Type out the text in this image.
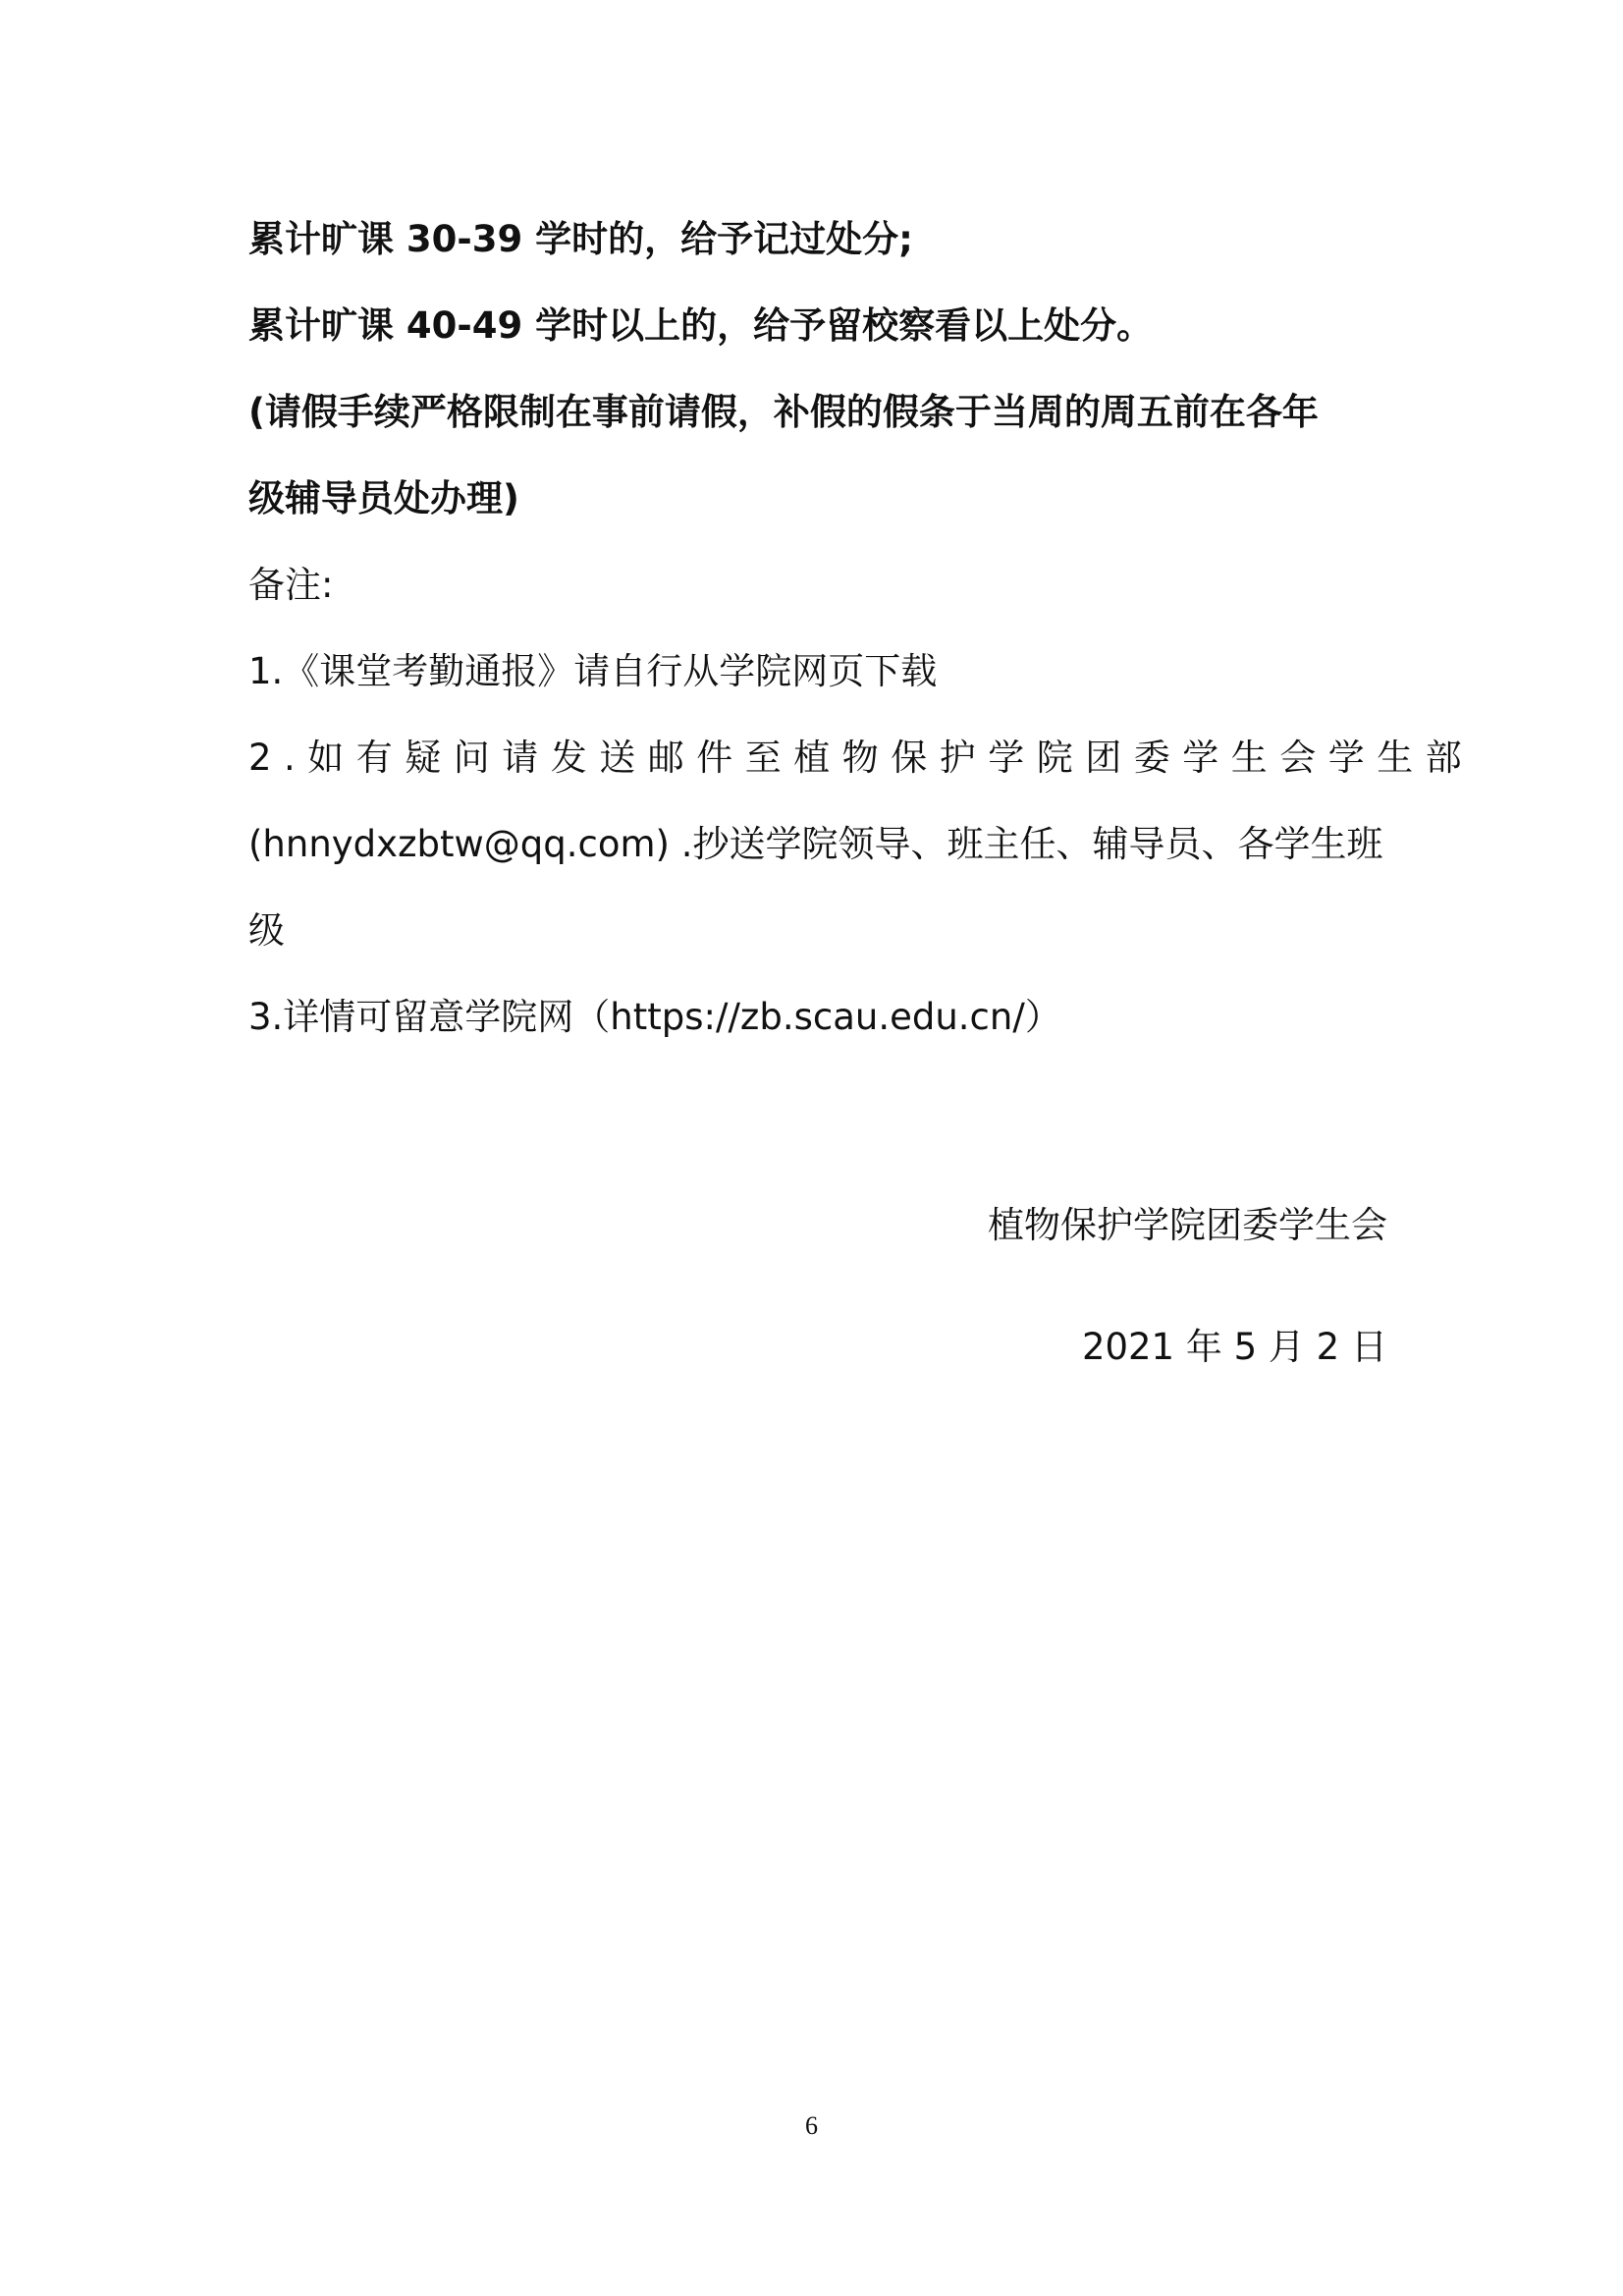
累计旷课 30-39 学时的，给予记过处分;
累计旷课 40-49 学时以上的，给予留校察看以上处分。
(请假手续严格限制在事前请假，补假的假条于当周的周五前在各年
级辅导员处办理)
备注:
1.《课堂考勤通报》请自行从学院网页下载
2.如有疑问请发送邮件至植物保护学院团委学生会学生部
(hnnydxzbtw@qq.com) .抄送学院领导、班主任、辅导员、各学生班
级
3.详情可留意学院网（https://zb.scau.edu.cn/）
植物保护学院团委学生会
2021 年 5 月 2 日
6
